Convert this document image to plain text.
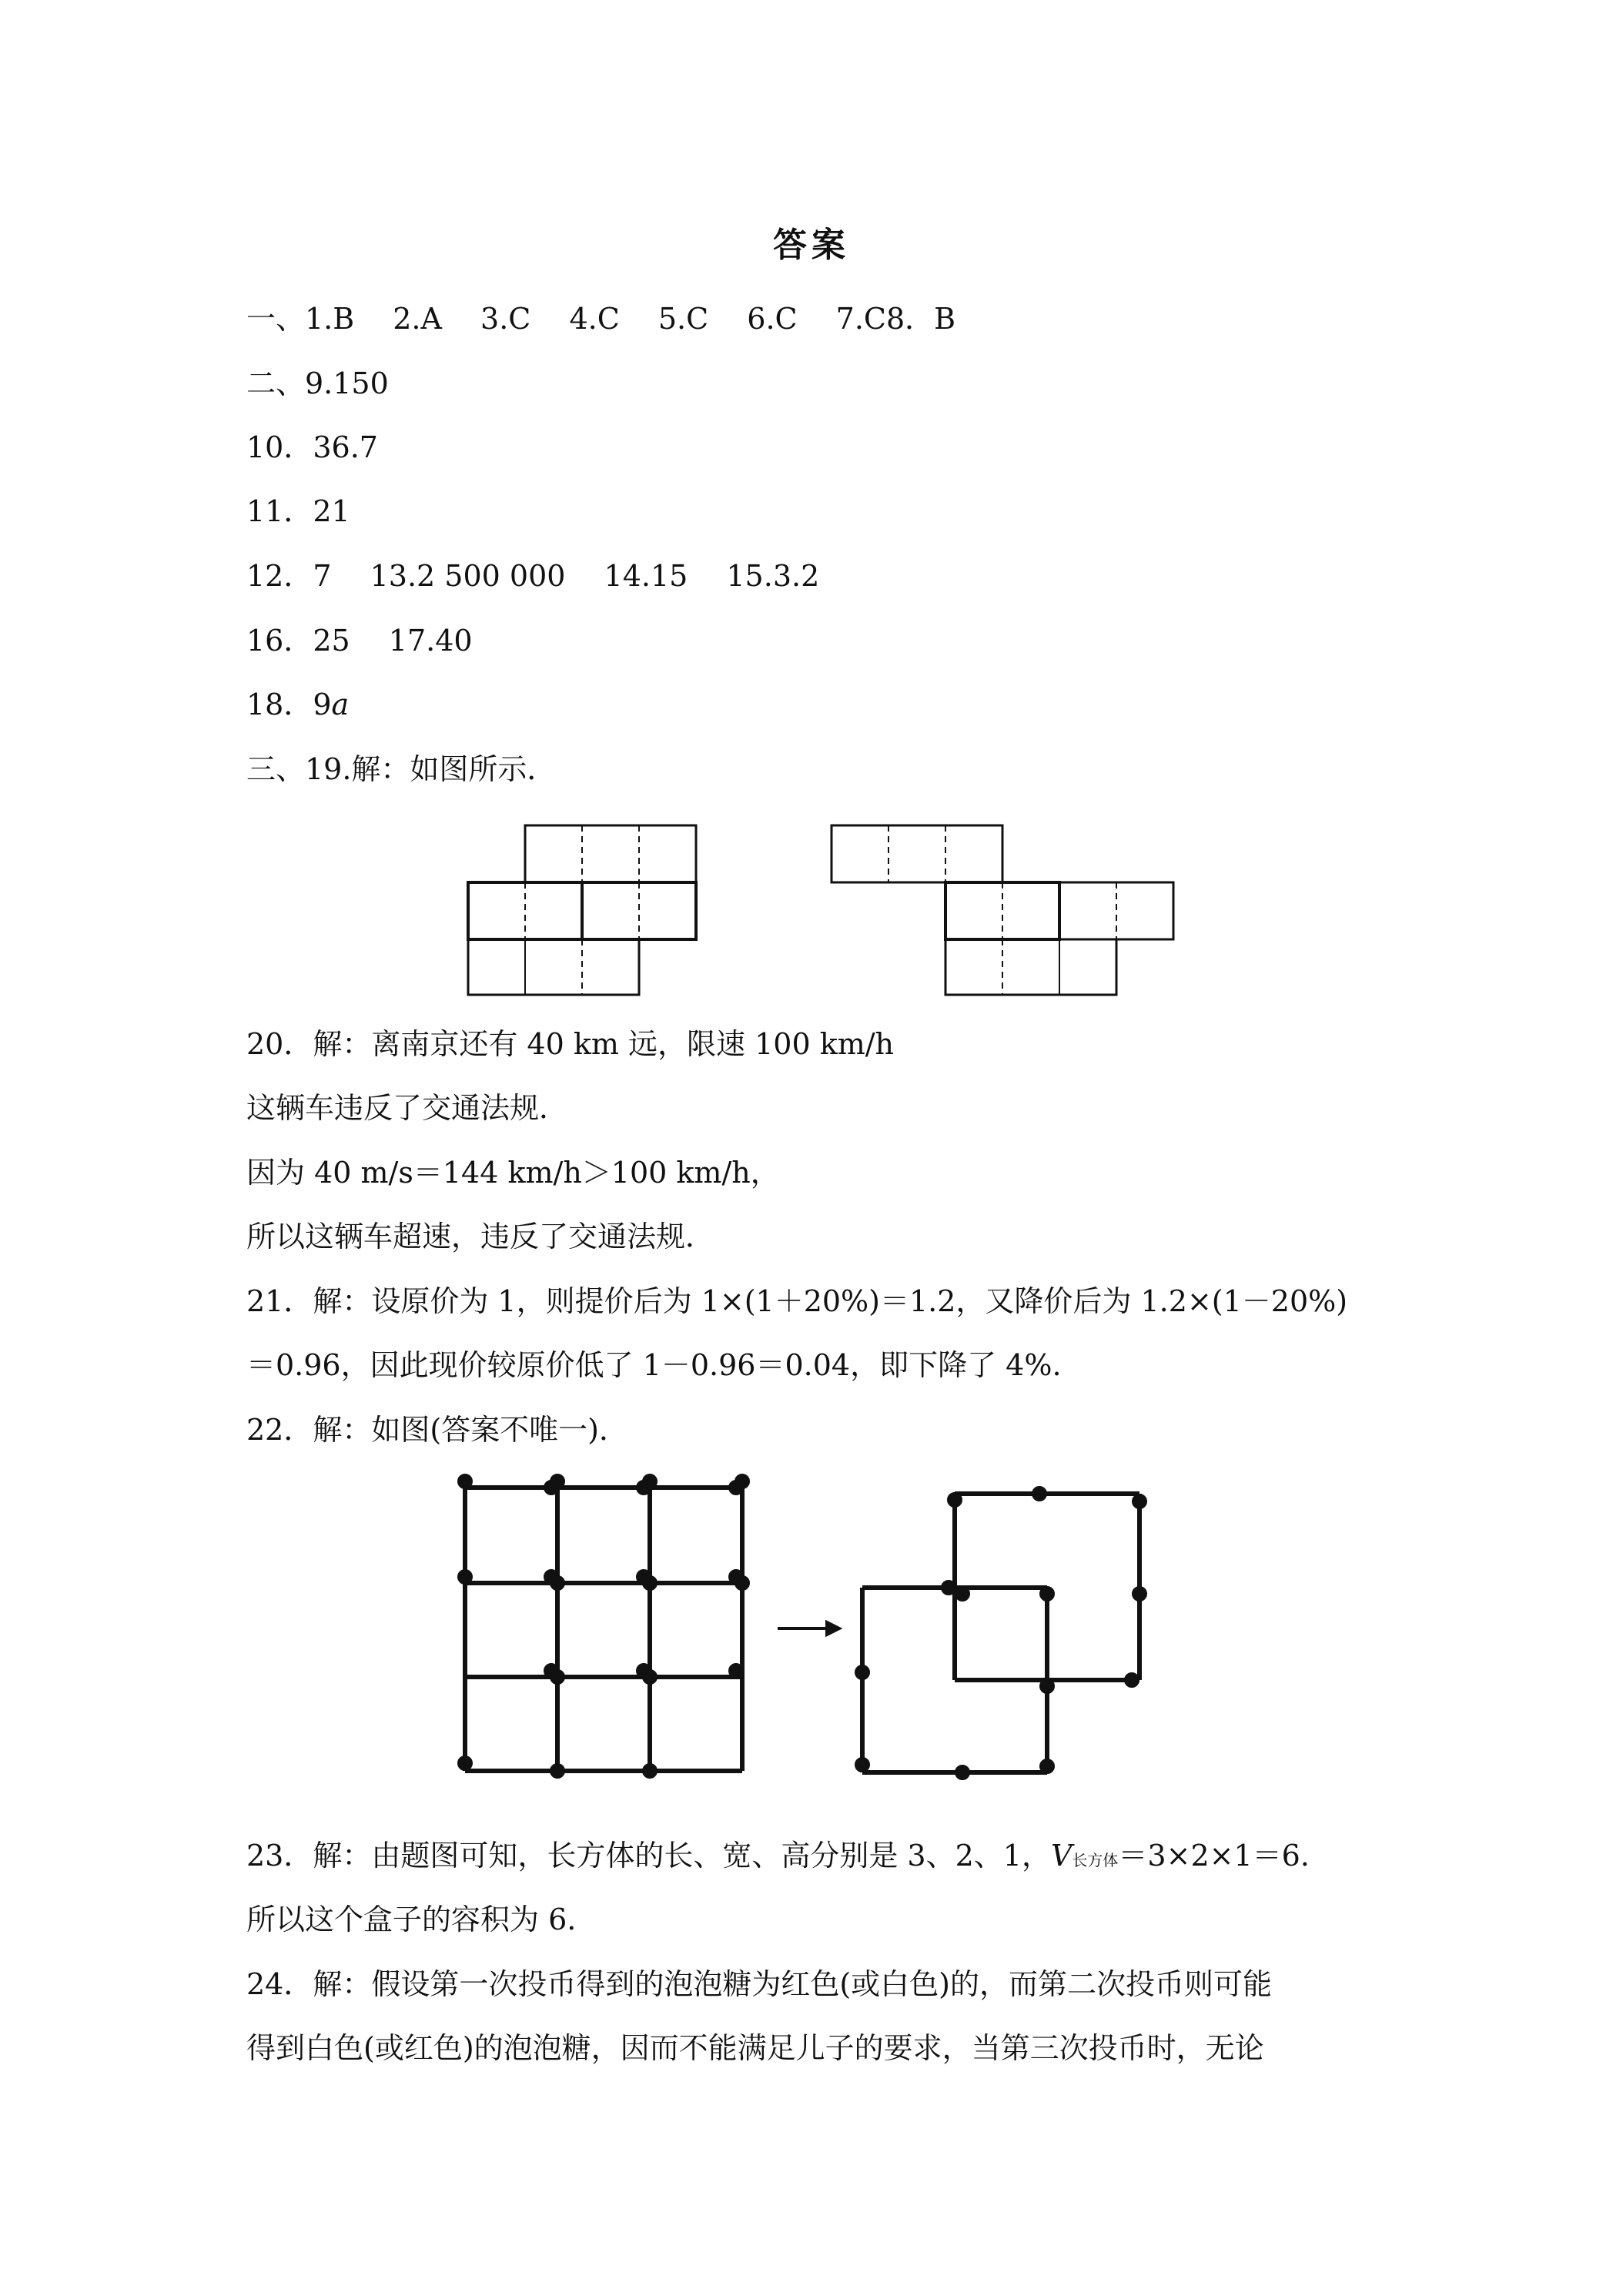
答案
一、1.B　 2.A　 3.C　 4.C　 5.C　 6.C　 7.C8．B
二、9.150
10．36.7
11．21
12．7　 13.2 500 000　 14.15　 15.3.2
16．25　 17.40
18．9a
三、19.解：如图所示．
20．解：离南京还有 40 km 远，限速 100 km/h
这辆车违反了交通法规．
因为 40 m/s＝144 km/h＞100 km/h，
所以这辆车超速，违反了交通法规．
21．解：设原价为 1，则提价后为 1×(1＋20%)＝1.2，又降价后为 1.2×(1－20%)
＝0.96，因此现价较原价低了 1－0.96＝0.04，即下降了 4%.
22．解：如图(答案不唯一)．
23．解：由题图可知，长方体的长、宽、高分别是 3、2、1，V长方体＝3×2×1＝6.
所以这个盒子的容积为 6.
24．解：假设第一次投币得到的泡泡糖为红色(或白色)的，而第二次投币则可能
得到白色(或红色)的泡泡糖，因而不能满足儿子的要求，当第三次投币时，无论
